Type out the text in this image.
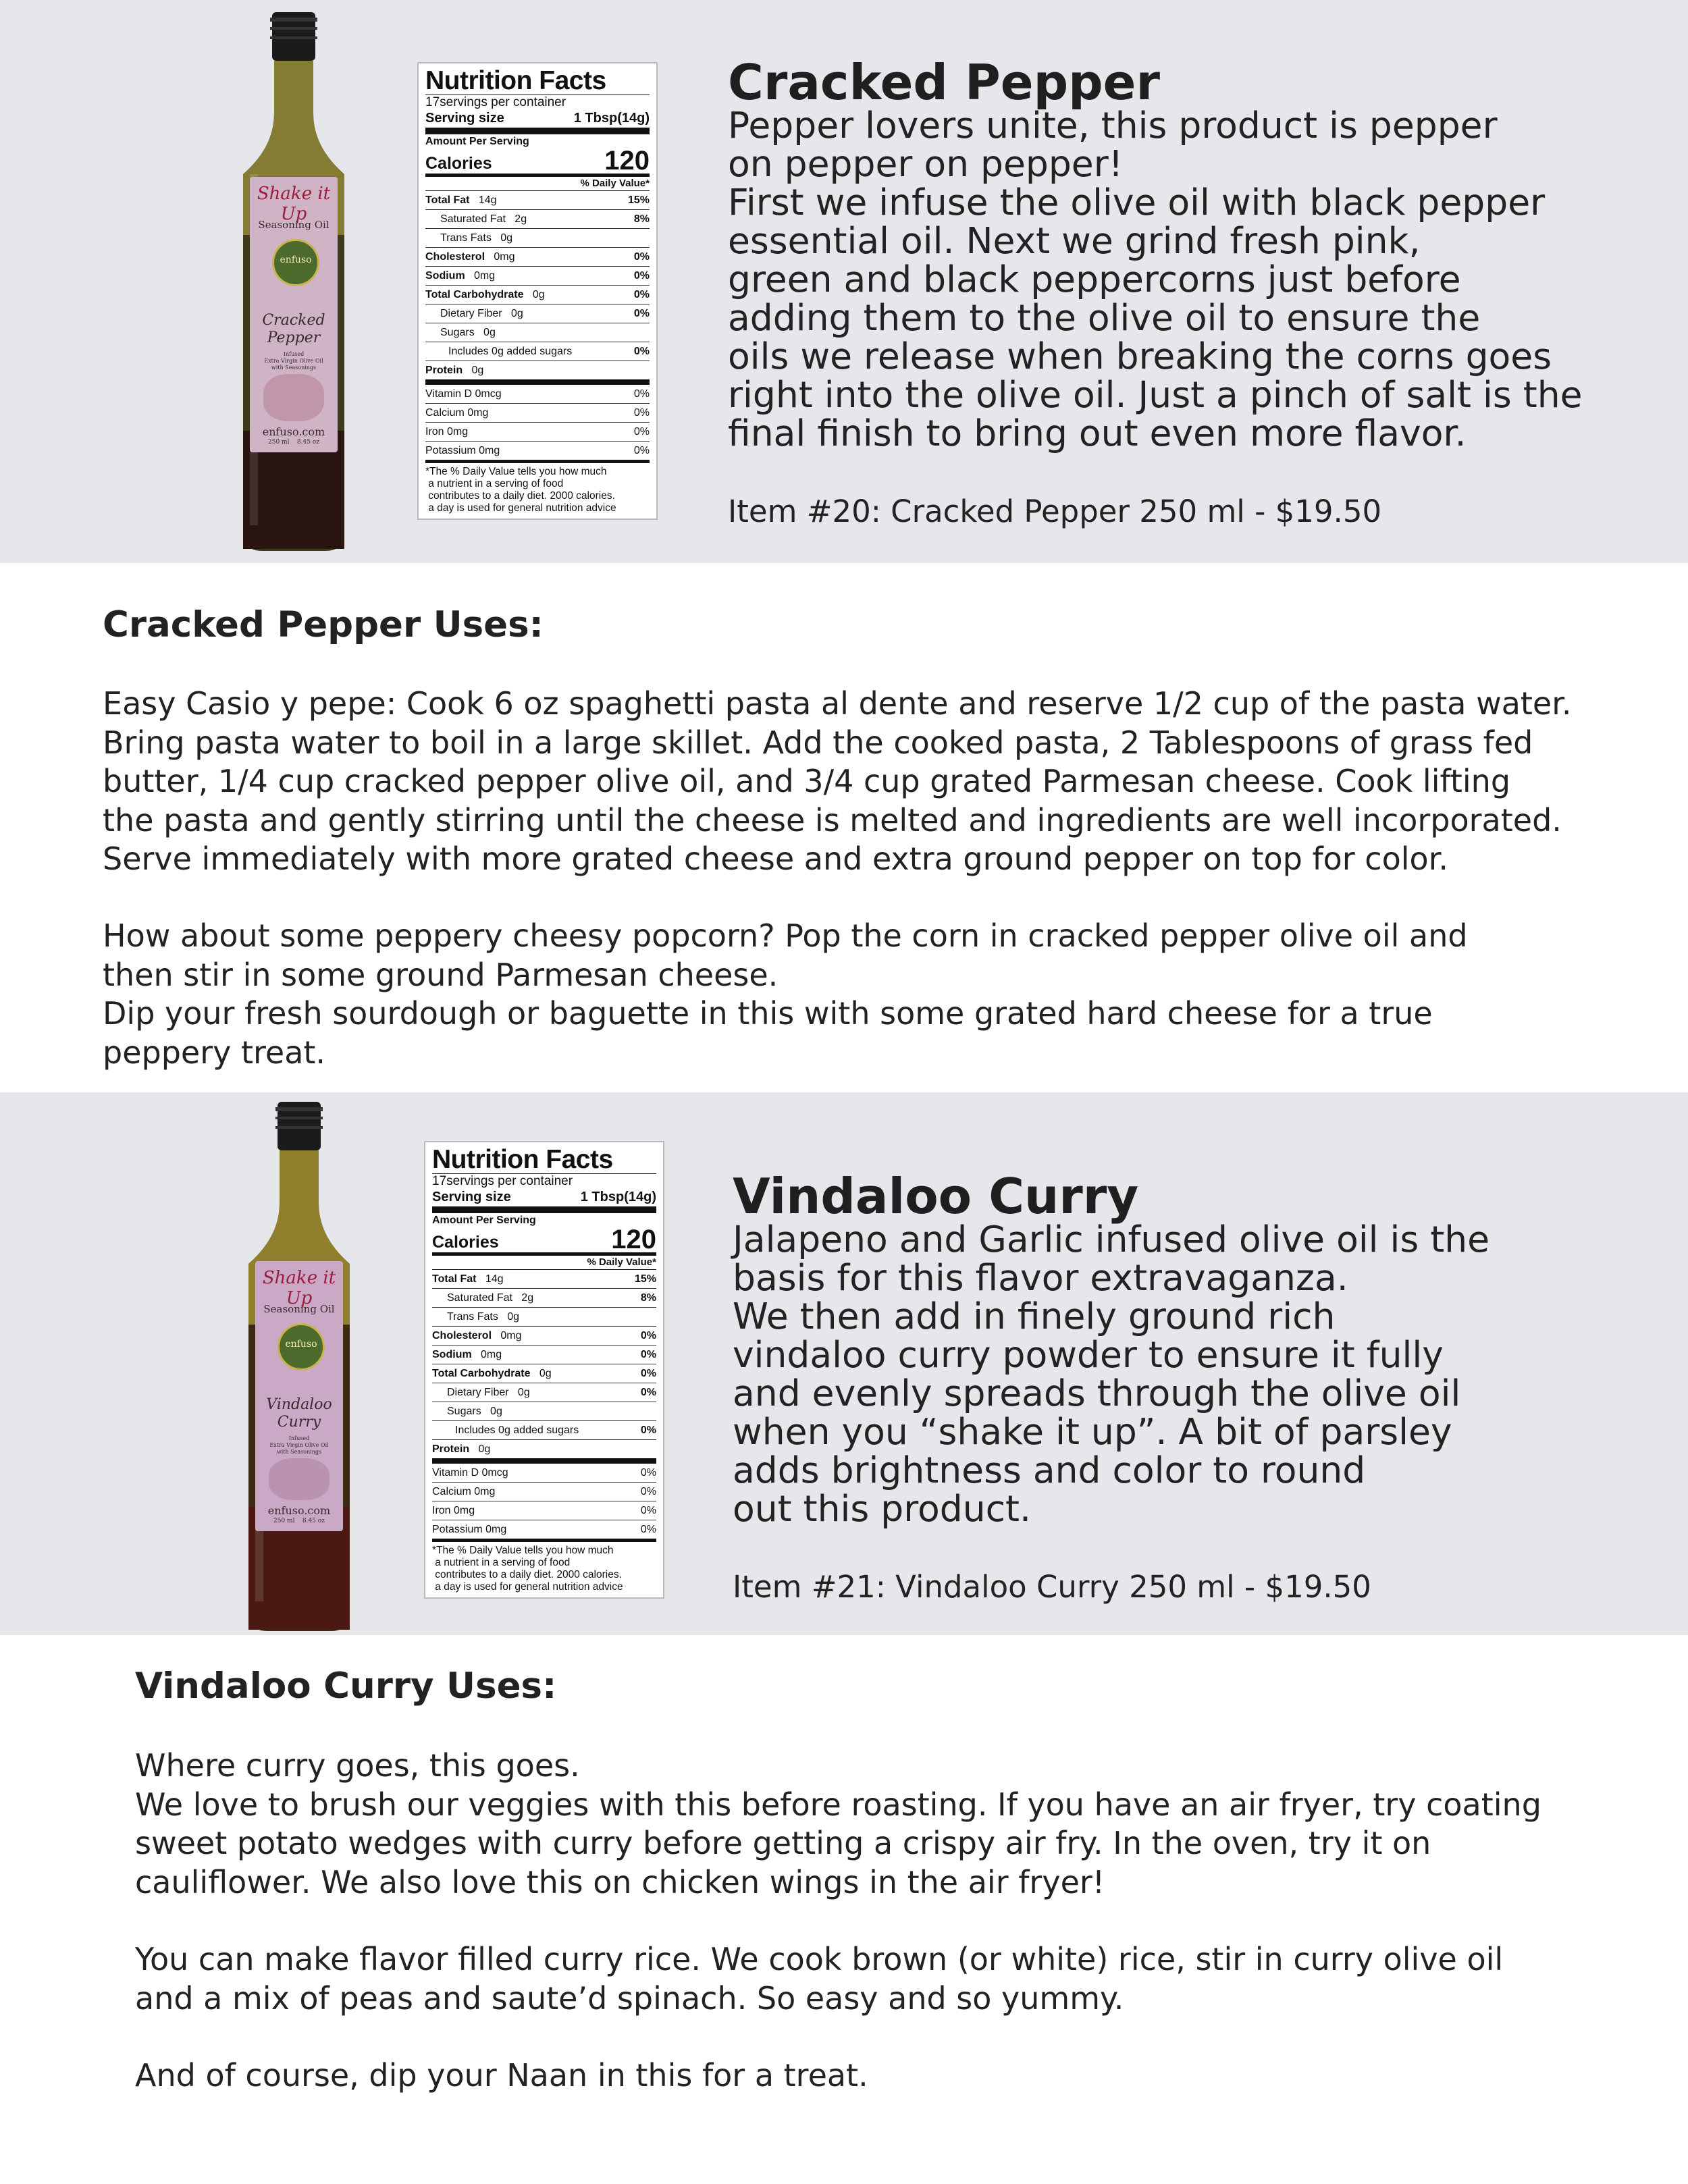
Shake it Up
Seasoning Oil
enfuso
Cracked
Pepper
Infused
Extra Virgin Olive Oil
with Seasonings
enfuso.com
250 ml    8.45 oz
Nutrition Facts
17servings per container
Serving size	1 Tbsp(14g)
Amount Per Serving
Calories	120
% Daily Value*
Total Fat 14g	15%
Saturated Fat 2g	8%
Trans Fats 0g
Cholesterol 0mg	0%
Sodium 0mg	0%
Total Carbohydrate 0g	0%
Dietary Fiber 0g	0%
Sugars 0g
Includes 0g added sugars	0%
Protein 0g
Vitamin D 0mcg	0%
Calcium 0mg	0%
Iron 0mg	0%
Potassium 0mg	0%
*The % Daily Value tells you how much
a nutrient in a serving of food
contributes to a daily diet. 2000 calories.
a day is used for general nutrition advice
Cracked Pepper
Pepper lovers unite, this product is pepper
on pepper on pepper!
First we infuse the olive oil with black pepper
essential oil. Next we grind fresh pink,
green and black peppercorns just before
adding them to the olive oil to ensure the
oils we release when breaking the corns goes
right into the olive oil. Just a pinch of salt is the
final finish to bring out even more flavor.
Item #20: Cracked Pepper 250 ml - $19.50
Cracked Pepper Uses:

Easy Casio y pepe: Cook 6 oz spaghetti pasta al dente and reserve 1/2 cup of the pasta water.
Bring pasta water to boil in a large skillet. Add the cooked pasta, 2 Tablespoons of grass fed
butter, 1/4 cup cracked pepper olive oil, and 3/4 cup grated Parmesan cheese. Cook lifting
the pasta and gently stirring until the cheese is melted and ingredients are well incorporated.
Serve immediately with more grated cheese and extra ground pepper on top for color.

How about some peppery cheesy popcorn? Pop the corn in cracked pepper olive oil and
then stir in some ground Parmesan cheese.
Dip your fresh sourdough or baguette in this with some grated hard cheese for a true
peppery treat.

Shake it Up
Seasoning Oil
enfuso
Vindaloo
Curry
Infused
Extra Virgin Olive Oil
with Seasonings
enfuso.com
250 ml    8.45 oz
Nutrition Facts
17servings per container
Serving size	1 Tbsp(14g)
Amount Per Serving
Calories	120
% Daily Value*
Total Fat 14g	15%
Saturated Fat 2g	8%
Trans Fats 0g
Cholesterol 0mg	0%
Sodium 0mg	0%
Total Carbohydrate 0g	0%
Dietary Fiber 0g	0%
Sugars 0g
Includes 0g added sugars	0%
Protein 0g
Vitamin D 0mcg	0%
Calcium 0mg	0%
Iron 0mg	0%
Potassium 0mg	0%
*The % Daily Value tells you how much
a nutrient in a serving of food
contributes to a daily diet. 2000 calories.
a day is used for general nutrition advice
Vindaloo Curry
Jalapeno and Garlic infused olive oil is the
basis for this flavor extravaganza.
We then add in finely ground rich
vindaloo curry powder to ensure it fully
and evenly spreads through the olive oil
when you “shake it up”. A bit of parsley
adds brightness and color to round
out this product.
Item #21: Vindaloo Curry 250 ml - $19.50
Vindaloo Curry Uses:

Where curry goes, this goes.
We love to brush our veggies with this before roasting. If you have an air fryer, try coating
sweet potato wedges with curry before getting a crispy air fry. In the oven, try it on
cauliflower. We also love this on chicken wings in the air fryer!

You can make flavor filled curry rice. We cook brown (or white) rice, stir in curry olive oil
and a mix of peas and saute’d spinach. So easy and so yummy.

And of course, dip your Naan in this for a treat.
